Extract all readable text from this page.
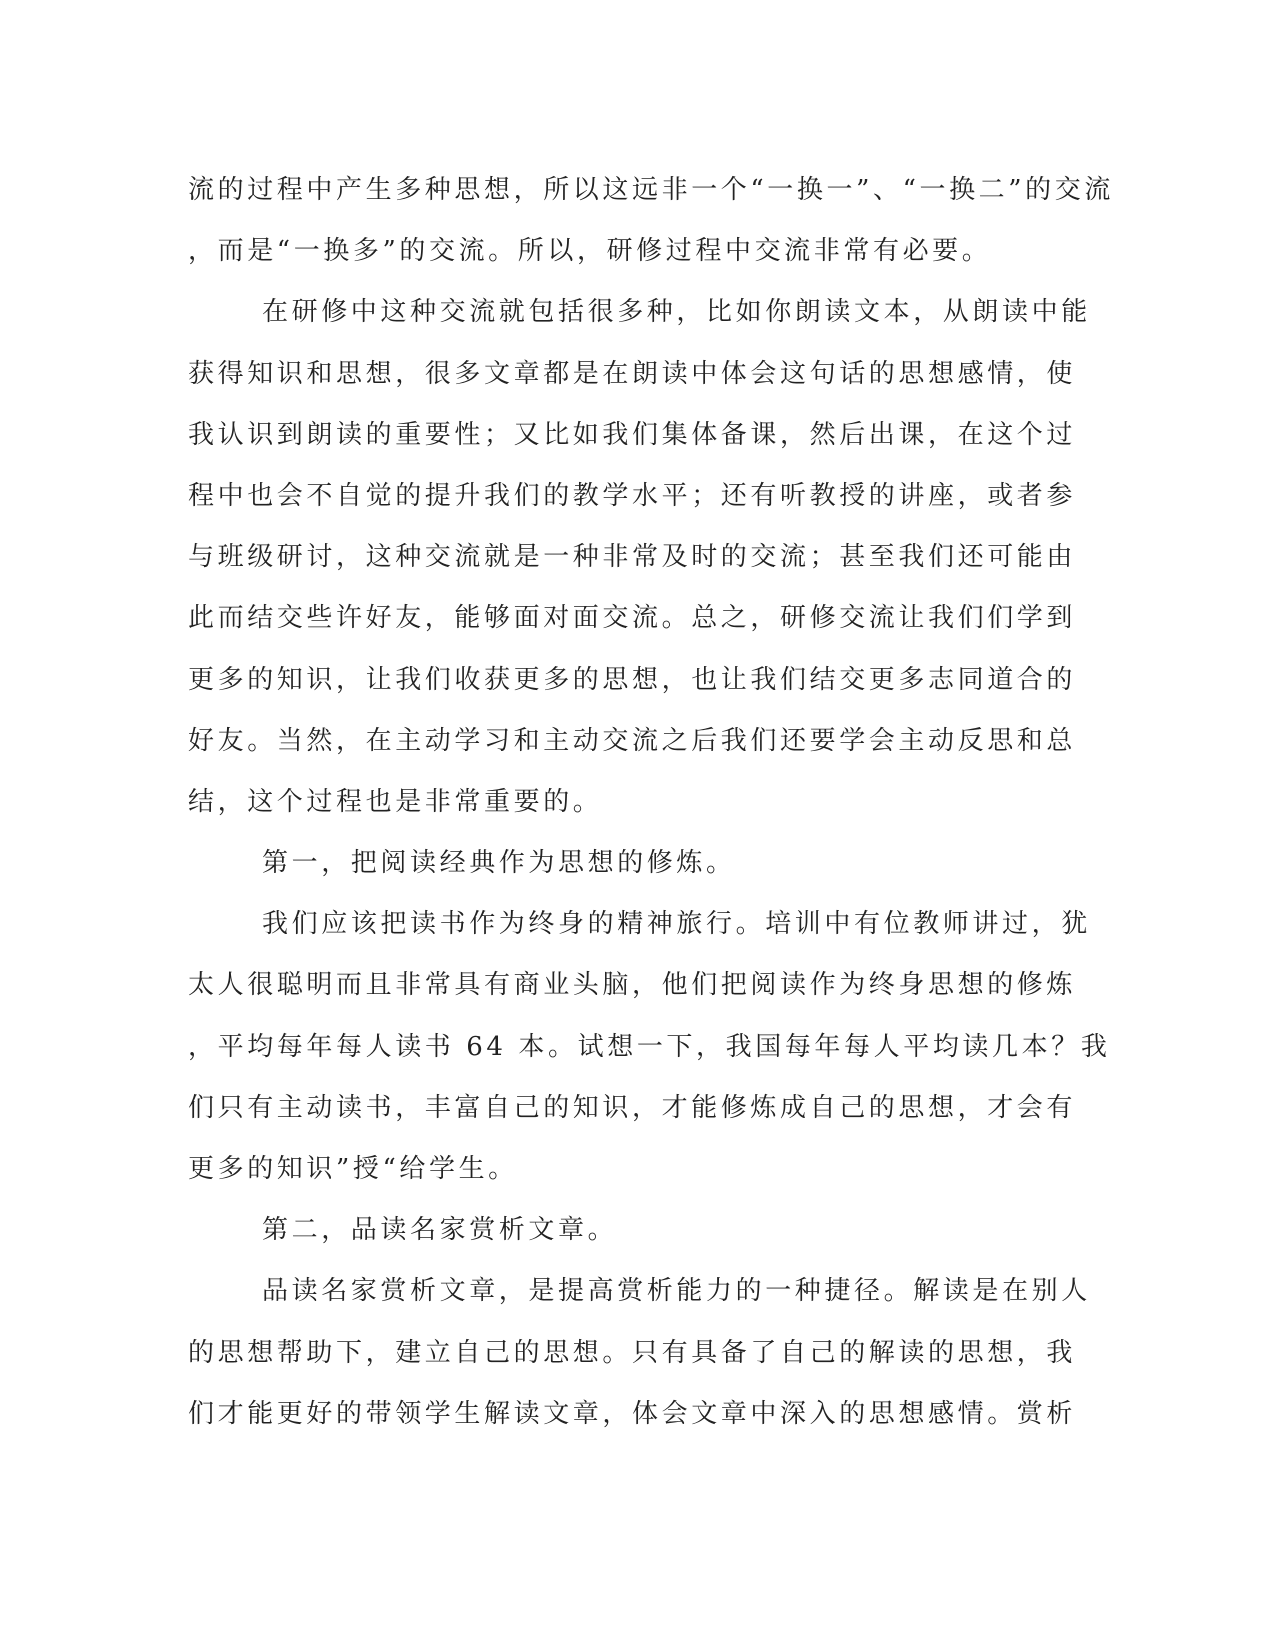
流的过程中产生多种思想，所以这远非一个“一换一”、“一换二”的交流
，而是“一换多”的交流。所以，研修过程中交流非常有必要。
在研修中这种交流就包括很多种，比如你朗读文本，从朗读中能
获得知识和思想，很多文章都是在朗读中体会这句话的思想感情，使
我认识到朗读的重要性；又比如我们集体备课，然后出课，在这个过
程中也会不自觉的提升我们的教学水平；还有听教授的讲座，或者参
与班级研讨，这种交流就是一种非常及时的交流；甚至我们还可能由
此而结交些许好友，能够面对面交流。总之，研修交流让我们们学到
更多的知识，让我们收获更多的思想，也让我们结交更多志同道合的
好友。当然，在主动学习和主动交流之后我们还要学会主动反思和总
结，这个过程也是非常重要的。
第一，把阅读经典作为思想的修炼。
我们应该把读书作为终身的精神旅行。培训中有位教师讲过，犹
太人很聪明而且非常具有商业头脑，他们把阅读作为终身思想的修炼
，平均每年每人读书 64 本。试想一下，我国每年每人平均读几本？我
们只有主动读书，丰富自己的知识，才能修炼成自己的思想，才会有
更多的知识”授“给学生。
第二，品读名家赏析文章。
品读名家赏析文章，是提高赏析能力的一种捷径。解读是在别人
的思想帮助下，建立自己的思想。只有具备了自己的解读的思想，我
们才能更好的带领学生解读文章，体会文章中深入的思想感情。赏析
